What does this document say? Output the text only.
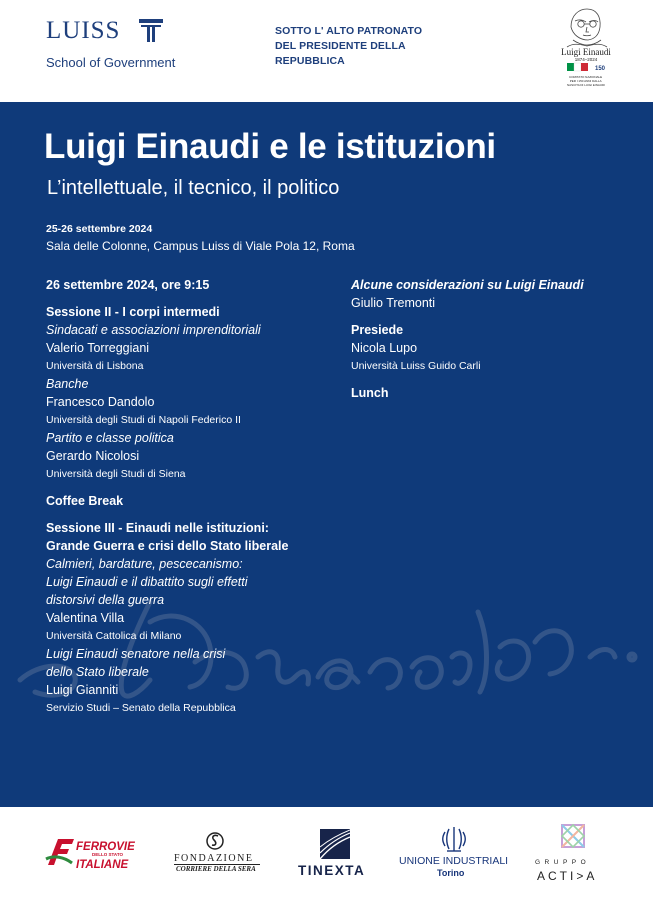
LUISS
School of Government
SOTTO L' ALTO PATRONATO
DEL PRESIDENTE DELLA
REPUBBLICA
Luigi Einaudi
1874–2024
150
COMITATO NAZIONALE PER I 150 ANNI DALLA NASCITA DI LUIGI EINAUDI
Luigi Einaudi e le istituzioni
L’intellettuale, il tecnico, il politico
25-26 settembre 2024
Sala delle Colonne, Campus Luiss di Viale Pola 12, Roma
26 settembre 2024, ore 9:15
Sessione II - I corpi intermedi
Sindacati e associazioni imprenditoriali
Valerio Torreggiani
Università di Lisbona
Banche
Francesco Dandolo
Università degli Studi di Napoli Federico II
Partito e classe politica
Gerardo Nicolosi
Università degli Studi di Siena
Coffee Break
Sessione III - Einaudi nelle istituzioni:
Grande Guerra e crisi dello Stato liberale
Calmieri, bardature, pescecanismo:
Luigi Einaudi e il dibattito sugli effetti
distorsivi della guerra
Valentina Villa
Università Cattolica di Milano
Luigi Einaudi senatore nella crisi
dello Stato liberale
Luigi Gianniti
Servizio Studi – Senato della Repubblica
Alcune considerazioni su Luigi Einaudi
Giulio Tremonti
Presiede
Nicola Lupo
Università Luiss Guido Carli
Lunch
FERROVIE
ITALIANE
DELLO STATO	FONDAZIONE
CORRIERE DELLA SERA	TINEXTA
UNIONE INDUSTRIALI
Torino
GRUPPO
ACTI>A
